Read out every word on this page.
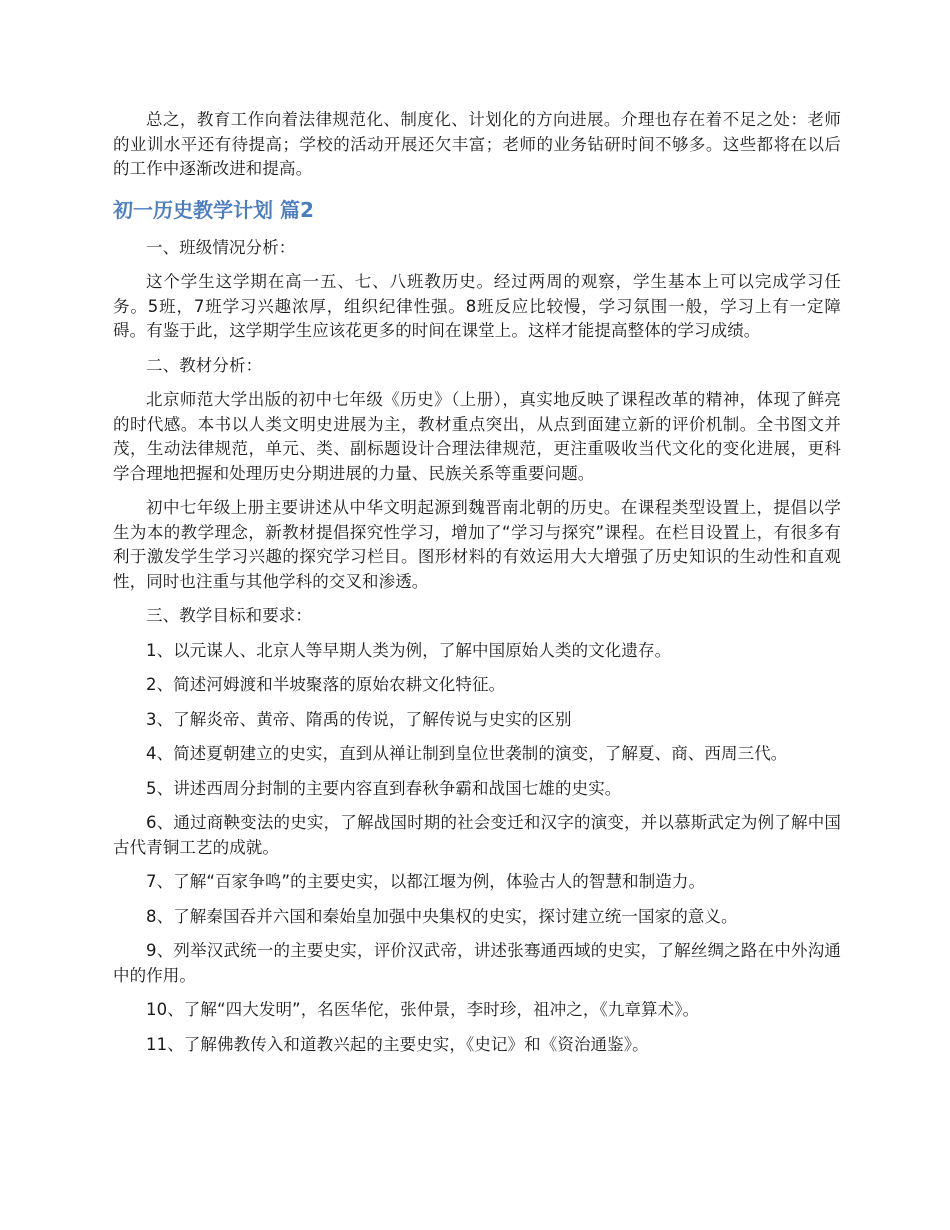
总之，教育工作向着法律规范化、制度化、计划化的方向进展。介理也存在着不足之处：老师的业训水平还有待提高；学校的活动开展还欠丰富；老师的业务钻研时间不够多。这些都将在以后的工作中逐渐改进和提高。

初一历史教学计划 篇2

一、班级情况分析：

这个学生这学期在高一五、七、八班教历史。经过两周的观察，学生基本上可以完成学习任务。5班，7班学习兴趣浓厚，组织纪律性强。8班反应比较慢，学习氛围一般，学习上有一定障碍。有鉴于此，这学期学生应该花更多的时间在课堂上。这样才能提高整体的学习成绩。

二、教材分析：

北京师范大学出版的初中七年级《历史》（上册），真实地反映了课程改革的精神，体现了鲜亮的时代感。本书以人类文明史进展为主，教材重点突出，从点到面建立新的评价机制。全书图文并茂，生动法律规范，单元、类、副标题设计合理法律规范，更注重吸收当代文化的变化进展，更科学合理地把握和处理历史分期进展的力量、民族关系等重要问题。

初中七年级上册主要讲述从中华文明起源到魏晋南北朝的历史。在课程类型设置上，提倡以学生为本的教学理念，新教材提倡探究性学习，增加了“学习与探究”课程。在栏目设置上，有很多有利于激发学生学习兴趣的探究学习栏目。图形材料的有效运用大大增强了历史知识的生动性和直观性，同时也注重与其他学科的交叉和渗透。

三、教学目标和要求：

1、以元谋人、北京人等早期人类为例，了解中国原始人类的文化遗存。

2、简述河姆渡和半坡聚落的原始农耕文化特征。

3、了解炎帝、黄帝、隋禹的传说，了解传说与史实的区别

4、简述夏朝建立的史实，直到从禅让制到皇位世袭制的演变，了解夏、商、西周三代。

5、讲述西周分封制的主要内容直到春秋争霸和战国七雄的史实。

6、通过商鞅变法的史实，了解战国时期的社会变迁和汉字的演变，并以慕斯武定为例了解中国古代青铜工艺的成就。

7、了解“百家争鸣”的主要史实，以都江堰为例，体验古人的智慧和制造力。

8、了解秦国吞并六国和秦始皇加强中央集权的史实，探讨建立统一国家的意义。

9、列举汉武统一的主要史实，评价汉武帝，讲述张骞通西域的史实，了解丝绸之路在中外沟通中的作用。

10、了解“四大发明”，名医华佗，张仲景，李时珍，祖冲之，《九章算术》。

11、了解佛教传入和道教兴起的主要史实，《史记》和《资治通鉴》。
